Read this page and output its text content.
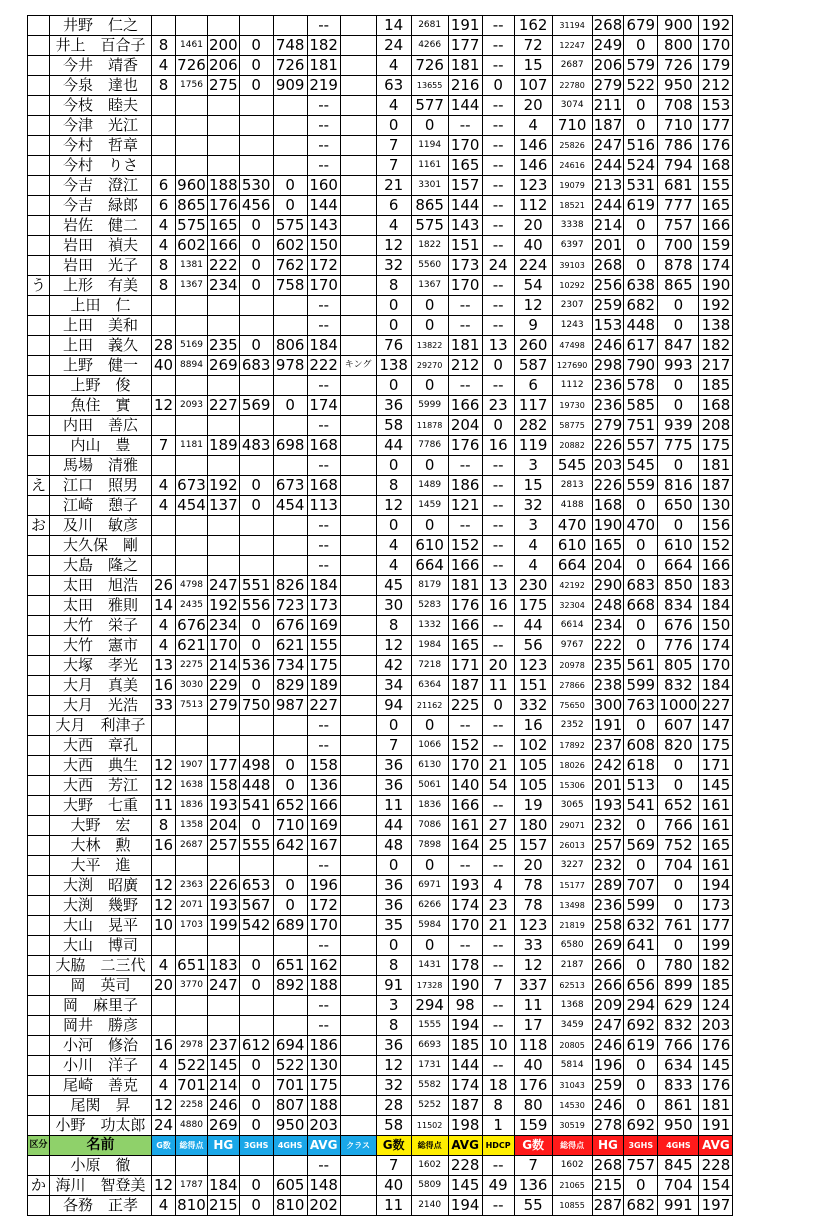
	井野　仁之						--		14	2681	191	--	162	31194	268	679	900	192
	井上　百合子	8	1461	200	0	748	182		24	4266	177	--	72	12247	249	0	800	170
	今井　靖香	4	726	206	0	726	181		4	726	181	--	15	2687	206	579	726	179
	今泉　達也	8	1756	275	0	909	219		63	13655	216	0	107	22780	279	522	950	212
	今枝　睦夫						--		4	577	144	--	20	3074	211	0	708	153
	今津　光江						--		0	0	--	--	4	710	187	0	710	177
	今村　哲章						--		7	1194	170	--	146	25826	247	516	786	176
	今村　りさ						--		7	1161	165	--	146	24616	244	524	794	168
	今吉　澄江	6	960	188	530	0	160		21	3301	157	--	123	19079	213	531	681	155
	今吉　緑郎	6	865	176	456	0	144		6	865	144	--	112	18521	244	619	777	165
	岩佐　健二	4	575	165	0	575	143		4	575	143	--	20	3338	214	0	757	166
	岩田　禎夫	4	602	166	0	602	150		12	1822	151	--	40	6397	201	0	700	159
	岩田　光子	8	1381	222	0	762	172		32	5560	173	24	224	39103	268	0	878	174
う	上形　有美	8	1367	234	0	758	170		8	1367	170	--	54	10292	256	638	865	190
	上田　仁						--		0	0	--	--	12	2307	259	682	0	192
	上田　美和						--		0	0	--	--	9	1243	153	448	0	138
	上田　義久	28	5169	235	0	806	184		76	13822	181	13	260	47498	246	617	847	182
	上野　健一	40	8894	269	683	978	222	キング	138	29270	212	0	587	127690	298	790	993	217
	上野　俊						--		0	0	--	--	6	1112	236	578	0	185
	魚住　實	12	2093	227	569	0	174		36	5999	166	23	117	19730	236	585	0	168
	内田　善広						--		58	11878	204	0	282	58775	279	751	939	208
	内山　豊	7	1181	189	483	698	168		44	7786	176	16	119	20882	226	557	775	175
	馬場　清雅						--		0	0	--	--	3	545	203	545	0	181
え	江口　照男	4	673	192	0	673	168		8	1489	186	--	15	2813	226	559	816	187
	江崎　憩子	4	454	137	0	454	113		12	1459	121	--	32	4188	168	0	650	130
お	及川　敏彦						--		0	0	--	--	3	470	190	470	0	156
	大久保　剛						--		4	610	152	--	4	610	165	0	610	152
	大島　隆之						--		4	664	166	--	4	664	204	0	664	166
	太田　旭浩	26	4798	247	551	826	184		45	8179	181	13	230	42192	290	683	850	183
	太田　雅則	14	2435	192	556	723	173		30	5283	176	16	175	32304	248	668	834	184
	大竹　栄子	4	676	234	0	676	169		8	1332	166	--	44	6614	234	0	676	150
	大竹　憲市	4	621	170	0	621	155		12	1984	165	--	56	9767	222	0	776	174
	大塚　孝光	13	2275	214	536	734	175		42	7218	171	20	123	20978	235	561	805	170
	大月　真美	16	3030	229	0	829	189		34	6364	187	11	151	27866	238	599	832	184
	大月　光浩	33	7513	279	750	987	227		94	21162	225	0	332	75650	300	763	1000	227
	大月　利津子						--		0	0	--	--	16	2352	191	0	607	147
	大西　章孔						--		7	1066	152	--	102	17892	237	608	820	175
	大西　典生	12	1907	177	498	0	158		36	6130	170	21	105	18026	242	618	0	171
	大西　芳江	12	1638	158	448	0	136		36	5061	140	54	105	15306	201	513	0	145
	大野　七重	11	1836	193	541	652	166		11	1836	166	--	19	3065	193	541	652	161
	大野　宏	8	1358	204	0	710	169		44	7086	161	27	180	29071	232	0	766	161
	大林　勲	16	2687	257	555	642	167		48	7898	164	25	157	26013	257	569	752	165
	大平　進						--		0	0	--	--	20	3227	232	0	704	161
	大渕　昭廣	12	2363	226	653	0	196		36	6971	193	4	78	15177	289	707	0	194
	大渕　幾野	12	2071	193	567	0	172		36	6266	174	23	78	13498	236	599	0	173
	大山　晃平	10	1703	199	542	689	170		35	5984	170	21	123	21819	258	632	761	177
	大山　博司						--		0	0	--	--	33	6580	269	641	0	199
	大脇　二三代	4	651	183	0	651	162		8	1431	178	--	12	2187	266	0	780	182
	岡　英司	20	3770	247	0	892	188		91	17328	190	7	337	62513	266	656	899	185
	岡　麻里子						--		3	294	98	--	11	1368	209	294	629	124
	岡井　勝彦						--		8	1555	194	--	17	3459	247	692	832	203
	小河　修治	16	2978	237	612	694	186		36	6693	185	10	118	20805	246	619	766	176
	小川　洋子	4	522	145	0	522	130		12	1731	144	--	40	5814	196	0	634	145
	尾崎　善克	4	701	214	0	701	175		32	5582	174	18	176	31043	259	0	833	176
	尾関　昇	12	2258	246	0	807	188		28	5252	187	8	80	14530	246	0	861	181
	小野　功太郎	24	4880	269	0	950	203		58	11502	198	1	159	30519	278	692	950	191
区分	名前	G数	総得点	HG	3GHS	4GHS	AVG	クラス	G数	総得点	AVG	HDCP	G数	総得点	HG	3GHS	4GHS	AVG
	小原　徹						--		7	1602	228	--	7	1602	268	757	845	228
か	海川　智登美	12	1787	184	0	605	148		40	5809	145	49	136	21065	215	0	704	154
	各務　正孝	4	810	215	0	810	202		11	2140	194	--	55	10855	287	682	991	197
